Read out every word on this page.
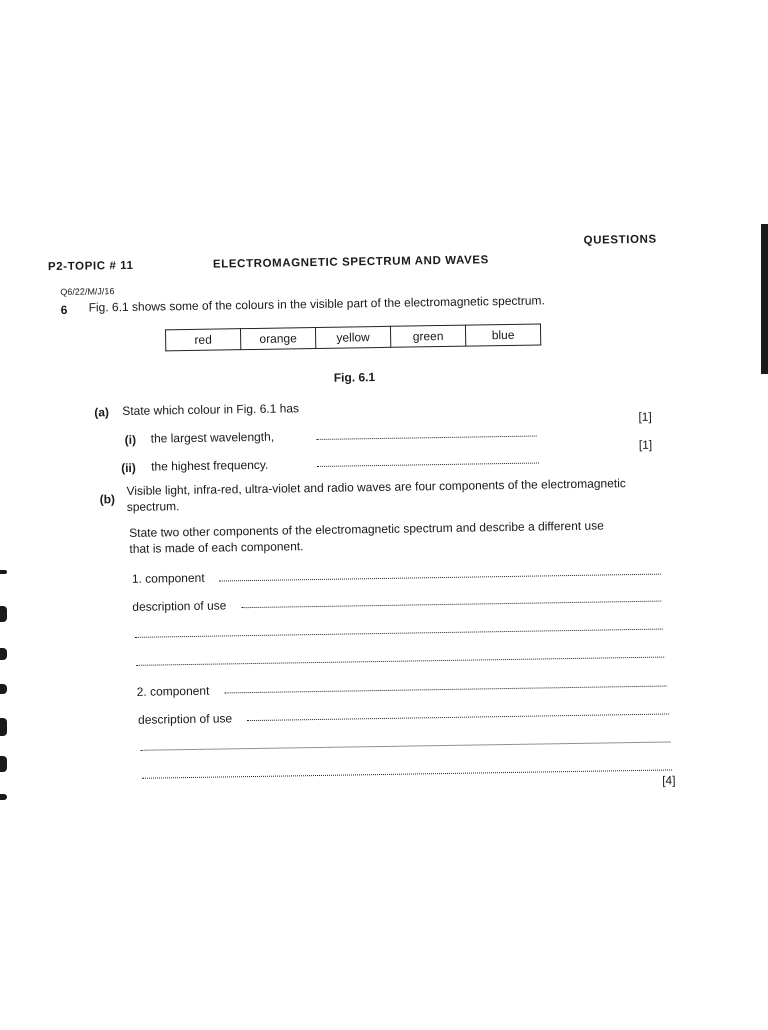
P2-TOPIC # 11	ELECTROMAGNETIC SPECTRUM AND WAVES
QUESTIONS
Q6/22/M/J/16
6 Fig. 6.1 shows some of the colours in the visible part of the electromagnetic spectrum.
red	orange	yellow	green	blue
Fig. 6.1
(a) State which colour in Fig. 6.1 has
(i) the largest wavelength,
[1]
(ii) the highest frequency.
[1]
(b)
Visible light, infra-red, ultra-violet and radio waves are four components of the electromagnetic
spectrum.
State two other components of the electromagnetic spectrum and describe a different use
that is made of each component.
1. component
description of use
2. component
description of use
[4]
